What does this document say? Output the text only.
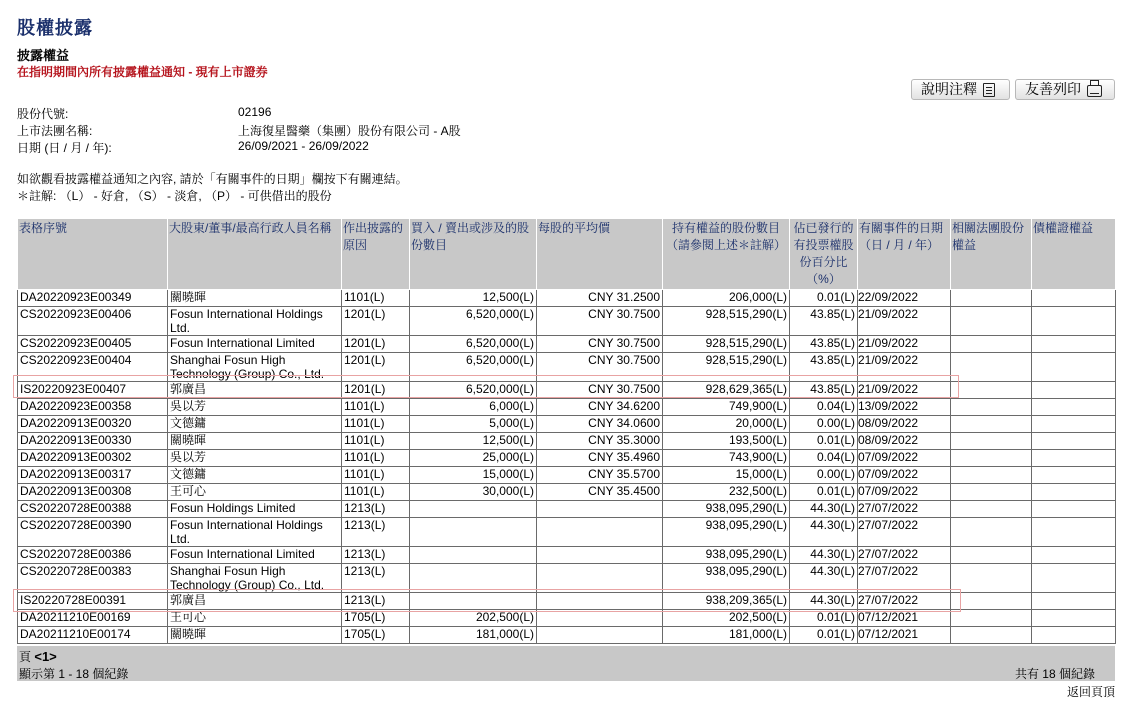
股權披露
披露權益
在指明期間內所有披露權益通知 - 現有上市證券
說明注釋	友善列印
股份代號:	02196
上市法團名稱:	上海復星醫藥（集團）股份有限公司 - A股
日期 (日 / 月 / 年):	26/09/2021 - 26/09/2022
如欲觀看披露權益通知之內容, 請於「有關事件的日期」欄按下有關連結。
＊註解: （L） - 好倉, （S） - 淡倉, （P） - 可供借出的股份
表格序號	大股東/董事/最高行政人員名稱	作出披露的原因	買入 / 賣出或涉及的股份數目	每股的平均價	持有權益的股份數目（請參閱上述＊註解）	佔已發行的有投票權股份百分比（%）	有關事件的日期（日 / 月 / 年）	相關法團股份權益	債權證權益
DA20220923E00349	關曉暉	1101(L)	12,500(L)	CNY 31.2500	206,000(L)	0.01(L)	22/09/2022		
CS20220923E00406	Fosun International Holdings Ltd.	1201(L)	6,520,000(L)	CNY 30.7500	928,515,290(L)	43.85(L)	21/09/2022		
CS20220923E00405	Fosun International Limited	1201(L)	6,520,000(L)	CNY 30.7500	928,515,290(L)	43.85(L)	21/09/2022		
CS20220923E00404	Shanghai Fosun High Technology (Group) Co., Ltd.	1201(L)	6,520,000(L)	CNY 30.7500	928,515,290(L)	43.85(L)	21/09/2022		
IS20220923E00407	郭廣昌	1201(L)	6,520,000(L)	CNY 30.7500	928,629,365(L)	43.85(L)	21/09/2022		
DA20220923E00358	吳以芳	1101(L)	6,000(L)	CNY 34.6200	749,900(L)	0.04(L)	13/09/2022		
DA20220913E00320	文德鏞	1101(L)	5,000(L)	CNY 34.0600	20,000(L)	0.00(L)	08/09/2022		
DA20220913E00330	關曉暉	1101(L)	12,500(L)	CNY 35.3000	193,500(L)	0.01(L)	08/09/2022		
DA20220913E00302	吳以芳	1101(L)	25,000(L)	CNY 35.4960	743,900(L)	0.04(L)	07/09/2022		
DA20220913E00317	文德鏞	1101(L)	15,000(L)	CNY 35.5700	15,000(L)	0.00(L)	07/09/2022		
DA20220913E00308	王可心	1101(L)	30,000(L)	CNY 35.4500	232,500(L)	0.01(L)	07/09/2022		
CS20220728E00388	Fosun Holdings Limited	1213(L)			938,095,290(L)	44.30(L)	27/07/2022		
CS20220728E00390	Fosun International Holdings Ltd.	1213(L)			938,095,290(L)	44.30(L)	27/07/2022		
CS20220728E00386	Fosun International Limited	1213(L)			938,095,290(L)	44.30(L)	27/07/2022		
CS20220728E00383	Shanghai Fosun High Technology (Group) Co., Ltd.	1213(L)			938,095,290(L)	44.30(L)	27/07/2022		
IS20220728E00391	郭廣昌	1213(L)			938,209,365(L)	44.30(L)	27/07/2022		
DA20211210E00169	王可心	1705(L)	202,500(L)		202,500(L)	0.01(L)	07/12/2021		
DA20211210E00174	關曉暉	1705(L)	181,000(L)		181,000(L)	0.01(L)	07/12/2021		
頁 <1>
顯示第 1 - 18 個紀錄	共有 18 個紀錄
返回頁頂
